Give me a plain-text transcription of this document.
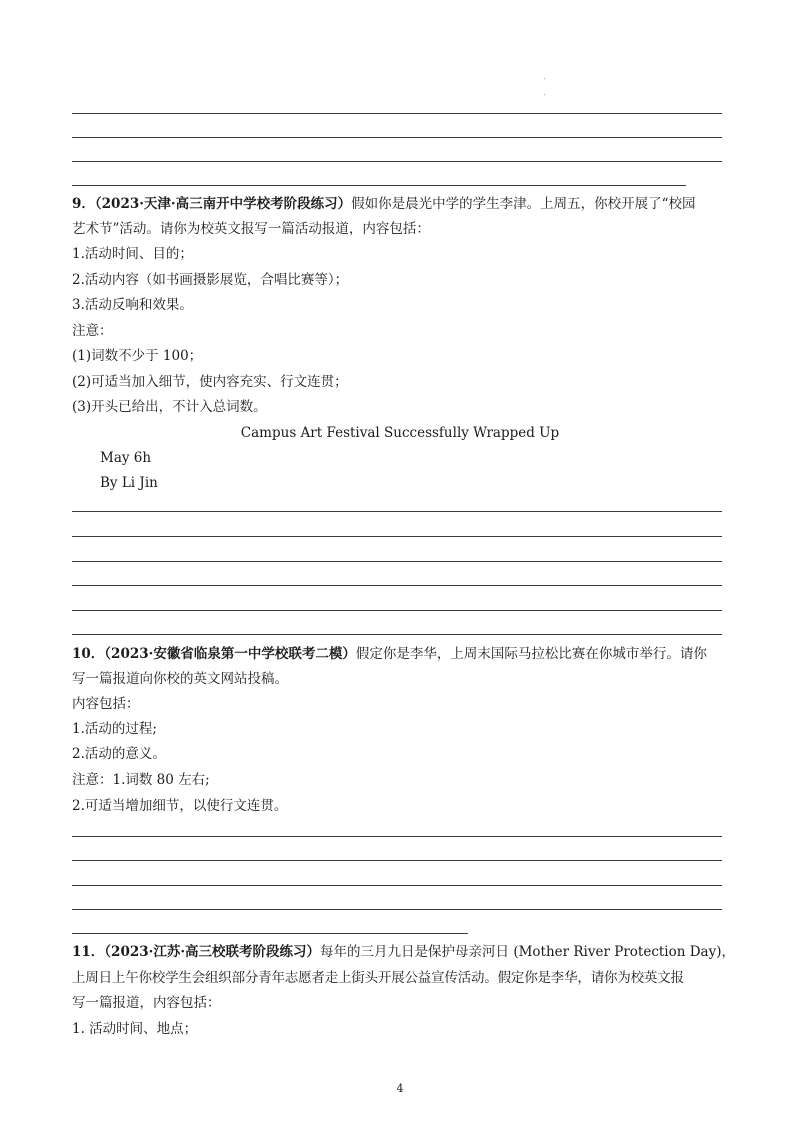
.
.
9．（2023·天津·高三南开中学校考阶段练习）假如你是晨光中学的学生李津。上周五，你校开展了“校园
艺术节”活动。请你为校英文报写一篇活动报道，内容包括：
1.活动时间、目的；
2.活动内容（如书画摄影展览，合唱比赛等）；
3.活动反响和效果。
注意：
(1)词数不少于 100；
(2)可适当加入细节，使内容充实、行文连贯；
(3)开头已给出，不计入总词数。
Campus Art Festival Successfully Wrapped Up
May 6h
By Li Jin
10．（2023·安徽省临泉第一中学校联考二模）假定你是李华，上周末国际马拉松比赛在你城市举行。请你
写一篇报道向你校的英文网站投稿。
内容包括：
1.活动的过程;
2.活动的意义。
注意：1.词数 80 左右;
2.可适当增加细节，以使行文连贯。
11．（2023·江苏·高三校联考阶段练习）每年的三月九日是保护母亲河日 (Mother River Protection Day)，
上周日上午你校学生会组织部分青年志愿者走上街头开展公益宣传活动。假定你是李华，请你为校英文报
写一篇报道，内容包括：
1. 活动时间、地点；
4
